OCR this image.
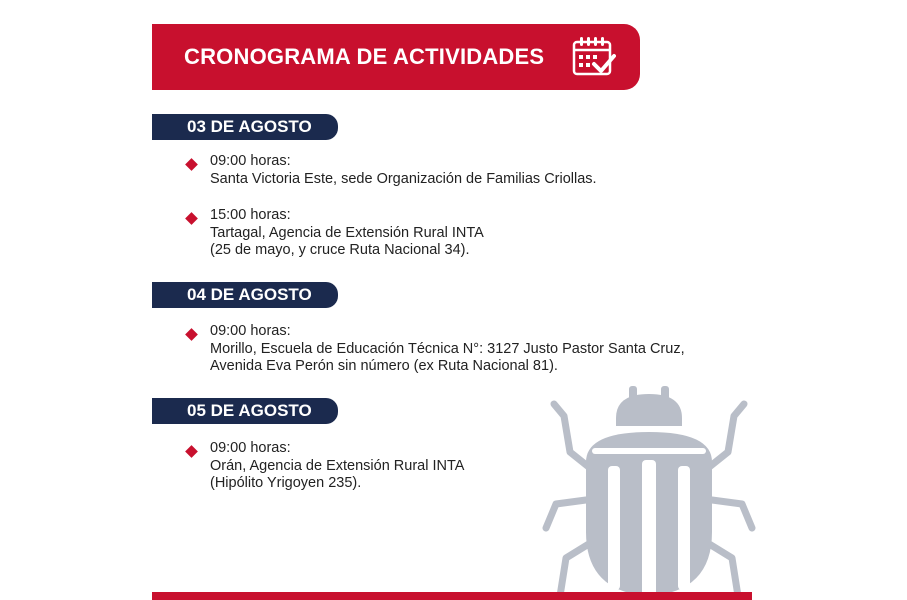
CRONOGRAMA DE ACTIVIDADES
03 DE AGOSTO
09:00 horas:
Santa Victoria Este, sede Organización de Familias Criollas.
15:00 horas:
Tartagal, Agencia de Extensión Rural INTA
(25 de mayo, y cruce Ruta Nacional 34).
04 DE AGOSTO
09:00 horas:
Morillo, Escuela de Educación Técnica N°: 3127 Justo Pastor Santa Cruz,
Avenida Eva Perón sin número (ex Ruta Nacional 81).
05 DE AGOSTO
09:00 horas:
Orán, Agencia de Extensión Rural INTA
(Hipólito Yrigoyen 235).
